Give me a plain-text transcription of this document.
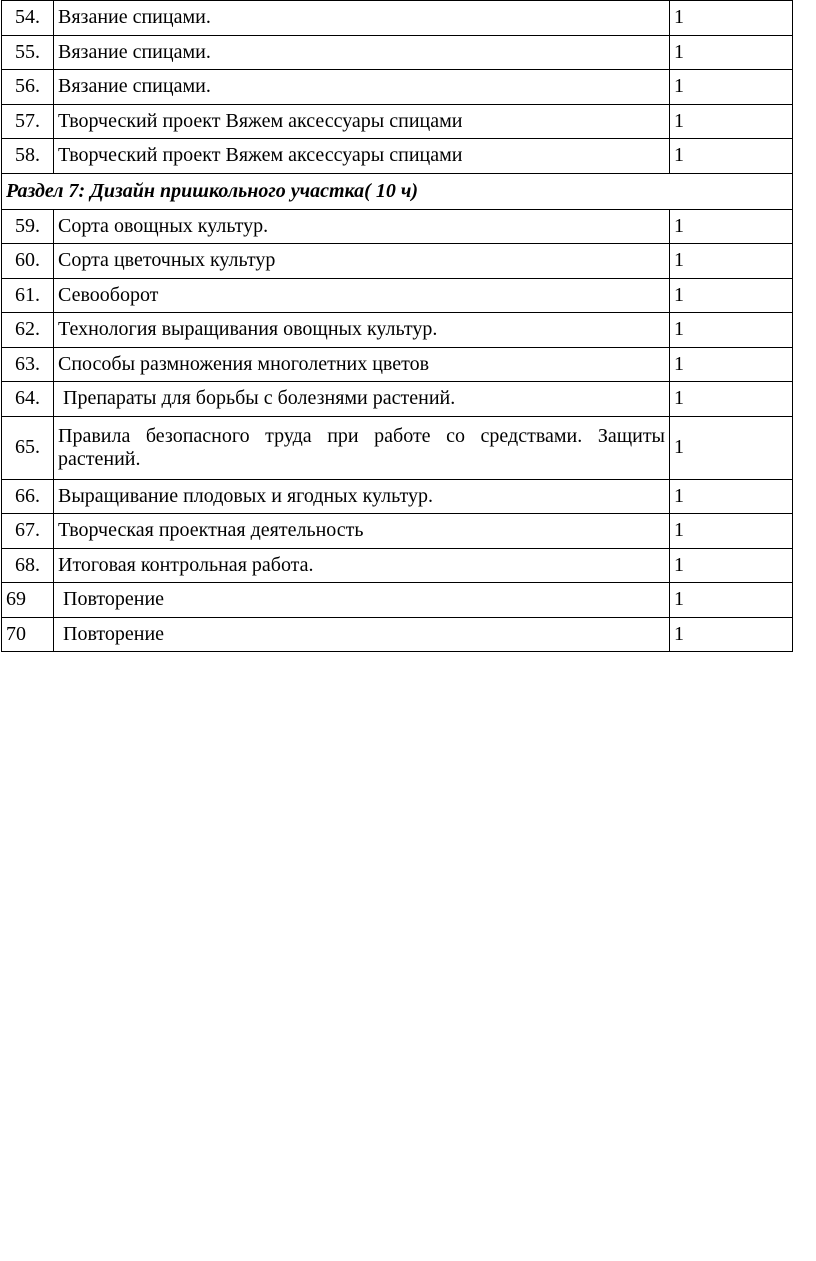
54.	Вязание спицами.	1
55.	Вязание спицами.	1
56.	Вязание спицами.	1
57.	Творческий проект Вяжем аксессуары спицами	1
58.	Творческий проект Вяжем аксессуары спицами	1
Раздел 7: Дизайн пришкольного участка( 10 ч)		
59.	Сорта овощных культур.	1
60.	Сорта цветочных культур	1
61.	Севооборот	1
62.	Технология выращивания овощных культур.	1
63.	Способы размножения многолетних цветов	1
64.	Препараты для борьбы с болезнями растений.	1
65.	Правила безопасного труда при работе со средствами. Защиты растений.	1
66.	Выращивание плодовых и ягодных культур.	1
67.	Творческая проектная деятельность	1
68.	Итоговая контрольная работа.	1
69	Повторение	1
70	Повторение	1
